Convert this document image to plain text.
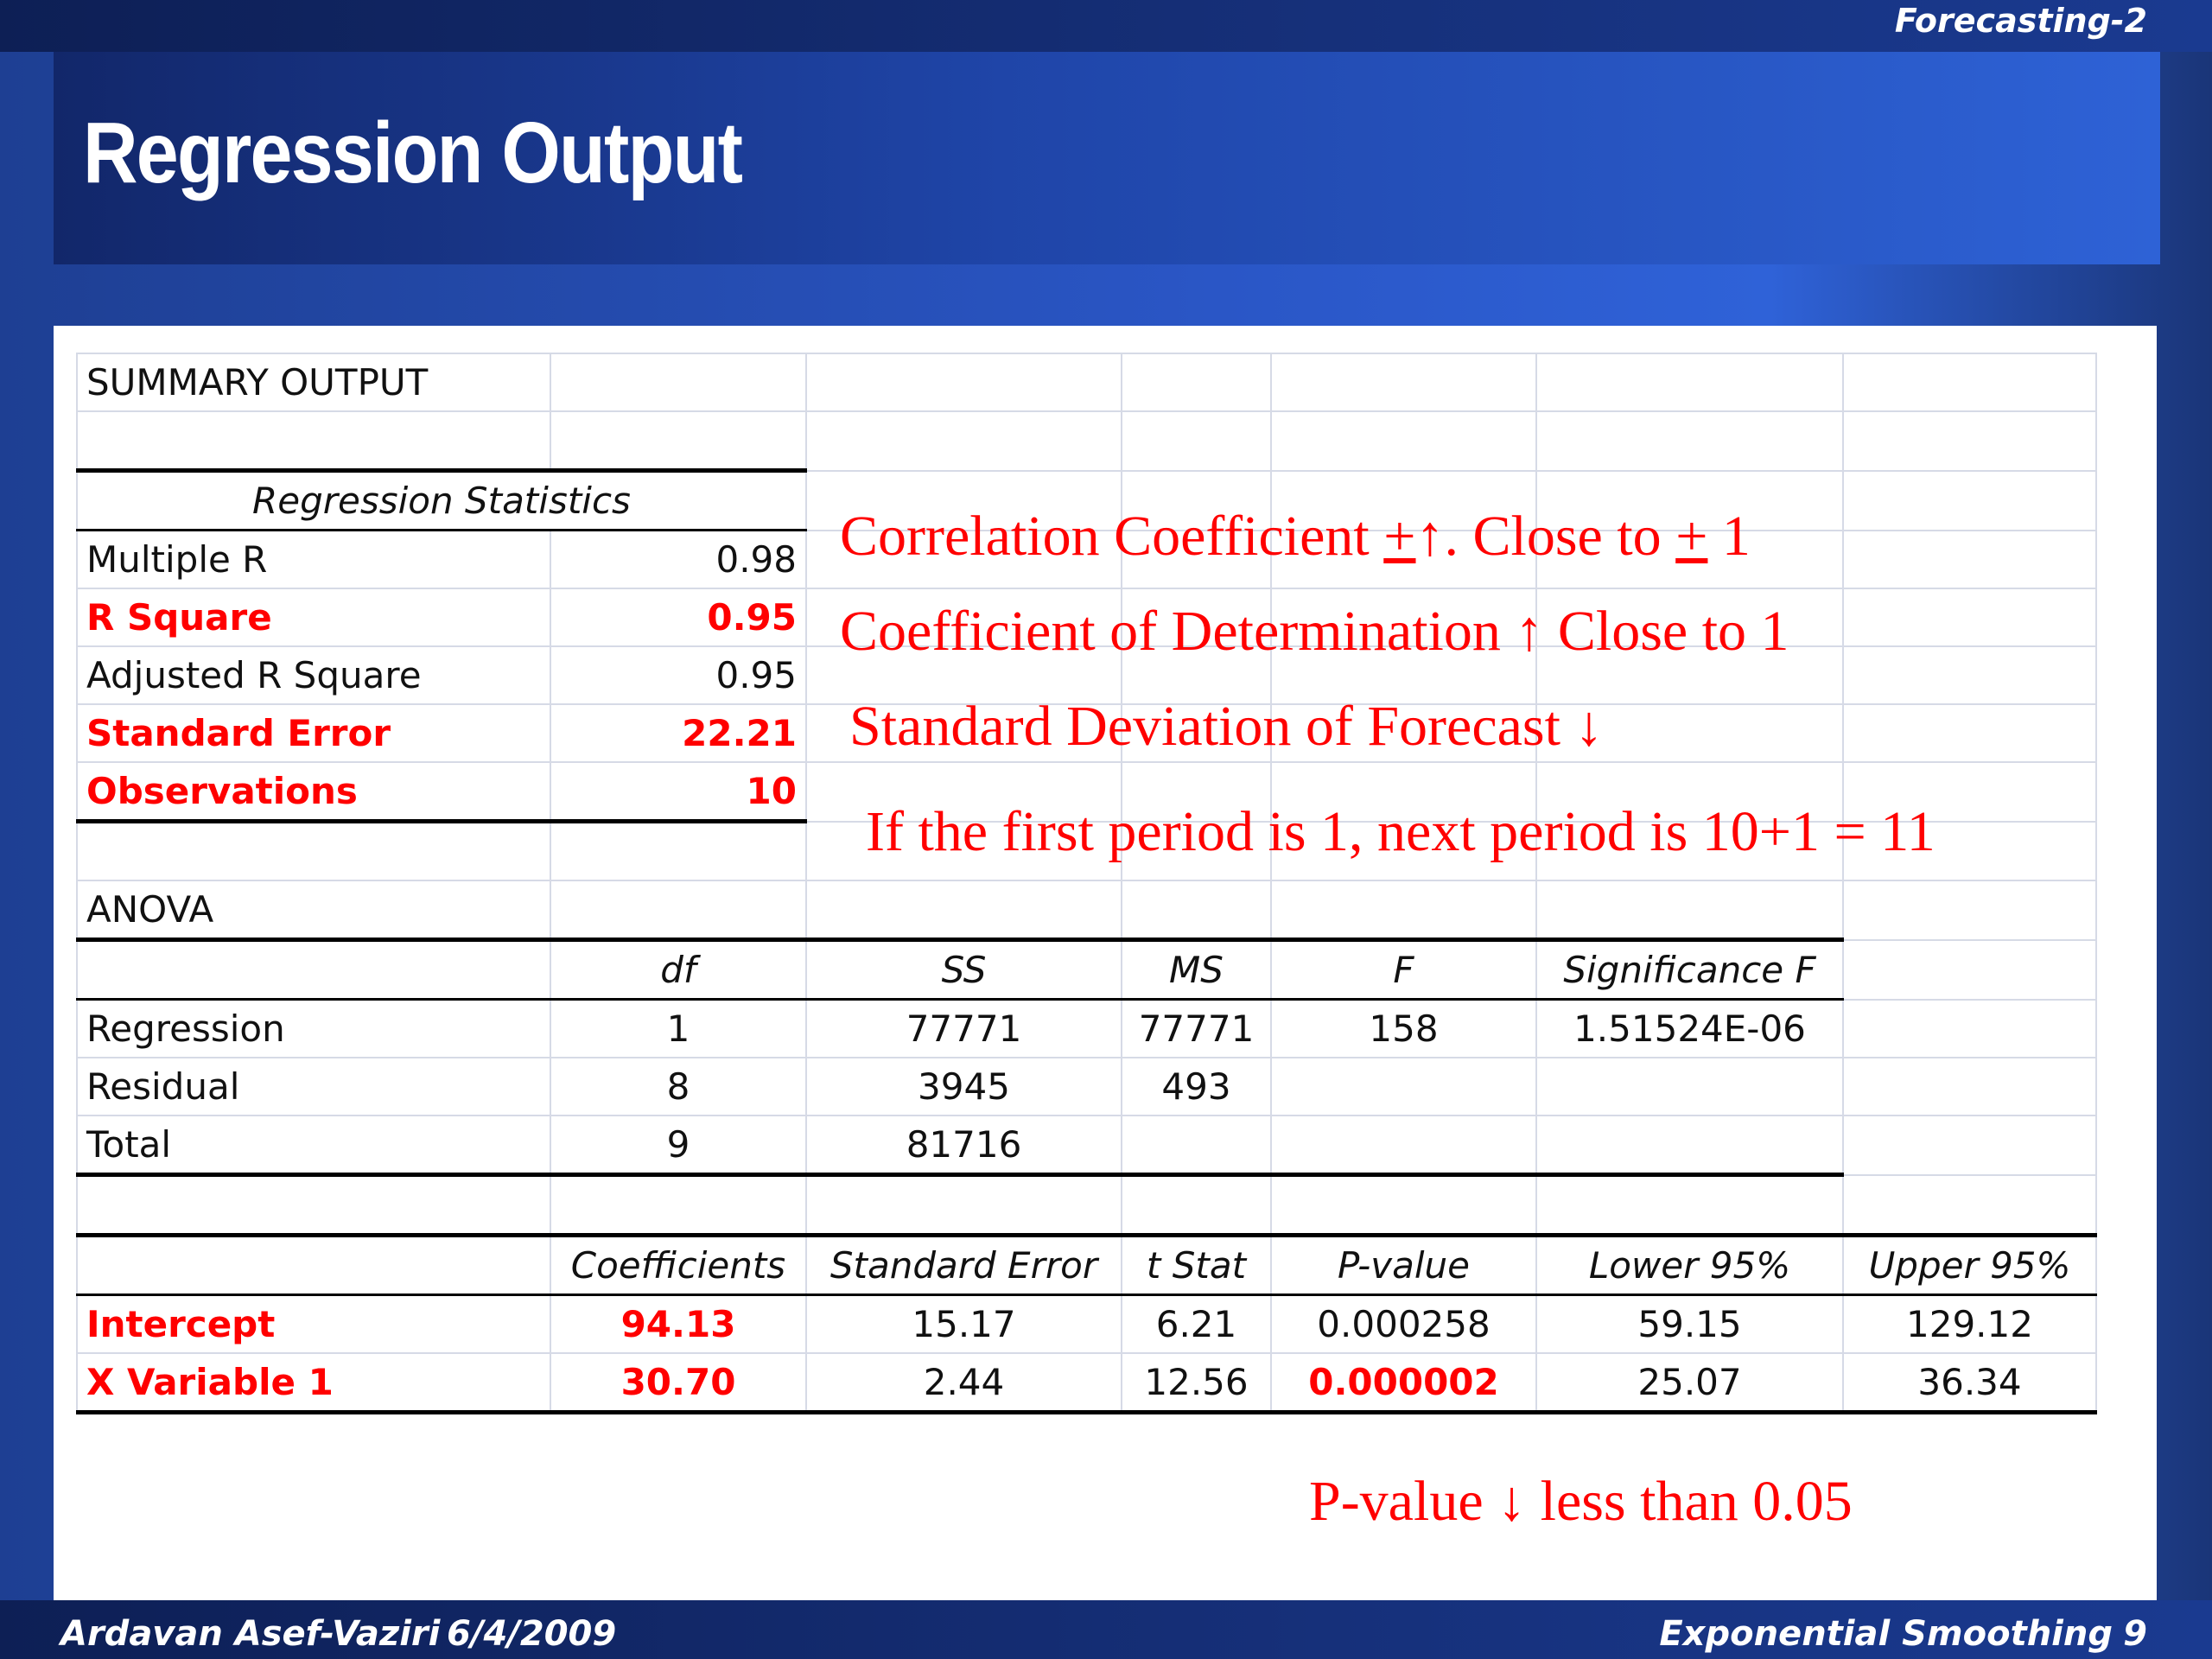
Forecasting-2
Regression Output
SUMMARY OUTPUT						

Regression Statistics						
Multiple R	0.98					
R Square	0.95					
Adjusted R Square	0.95					
Standard Error	22.21					
Observations	10					

ANOVA						
	df	SS	MS	F	Significance F	
Regression	1	77771	77771	158	1.51524E-06	
Residual	8	3945	493			
Total	9	81716				

	Coefficients	Standard Error	t Stat	P-value	Lower 95%	Upper 95%
Intercept	94.13	15.17	6.21	0.000258	59.15	129.12
X Variable 1	30.70	2.44	12.56	0.000002	25.07	36.34
Correlation Coefficient +↑. Close to + 1
Coefficient of Determination ↑ Close to 1
Standard Deviation of Forecast ↓
If the first period is 1, next period is 10+1 = 11
P-value ↓ less than 0.05
Ardavan Asef-Vaziri 6/4/2009	Exponential Smoothing 9
